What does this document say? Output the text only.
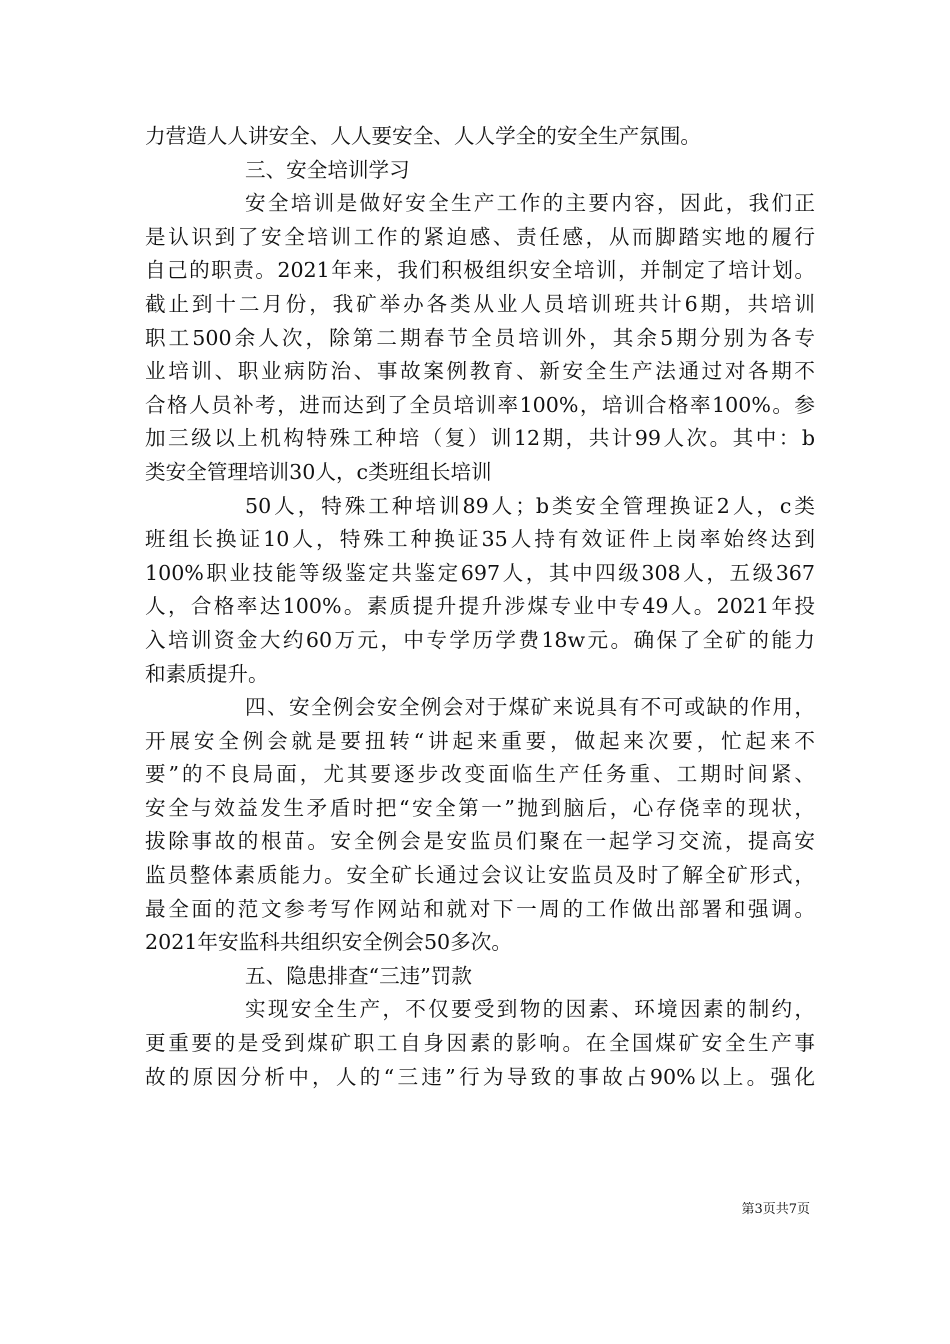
力营造人人讲安全、人人要安全、人人学全的安全生产氛围。
三、安全培训学习
安全培训是做好安全生产工作的主要内容，因此，我们正
是认识到了安全培训工作的紧迫感、责任感，从而脚踏实地的履行
自己的职责。2021年来，我们积极组织安全培训，并制定了培计划。
截止到十二月份，我矿举办各类从业人员培训班共计6期，共培训
职工500余人次，除第二期春节全员培训外，其余5期分别为各专
业培训、职业病防治、事故案例教育、新安全生产法通过对各期不
合格人员补考，进而达到了全员培训率100%，培训合格率100%。参
加三级以上机构特殊工种培（复）训12期，共计99人次。其中：b
类安全管理培训30人，c类班组长培训
50人，特殊工种培训89人；b类安全管理换证2人，c类
班组长换证10人，特殊工种换证35人持有效证件上岗率始终达到
100%职业技能等级鉴定共鉴定697人，其中四级308人，五级367
人，合格率达100%。素质提升提升涉煤专业中专49人。2021年投
入培训资金大约60万元，中专学历学费18w元。确保了全矿的能力
和素质提升。
四、安全例会安全例会对于煤矿来说具有不可或缺的作用，
开展安全例会就是要扭转“讲起来重要，做起来次要，忙起来不
要”的不良局面，尤其要逐步改变面临生产任务重、工期时间紧、
安全与效益发生矛盾时把“安全第一”抛到脑后，心存侥幸的现状，
拔除事故的根苗。安全例会是安监员们聚在一起学习交流，提高安
监员整体素质能力。安全矿长通过会议让安监员及时了解全矿形式，
最全面的范文参考写作网站和就对下一周的工作做出部署和强调。
2021年安监科共组织安全例会50多次。
五、隐患排查“三违”罚款
实现安全生产，不仅要受到物的因素、环境因素的制约，
更重要的是受到煤矿职工自身因素的影响。在全国煤矿安全生产事
故的原因分析中，人的“三违”行为导致的事故占90%以上。强化
第3页共7页
